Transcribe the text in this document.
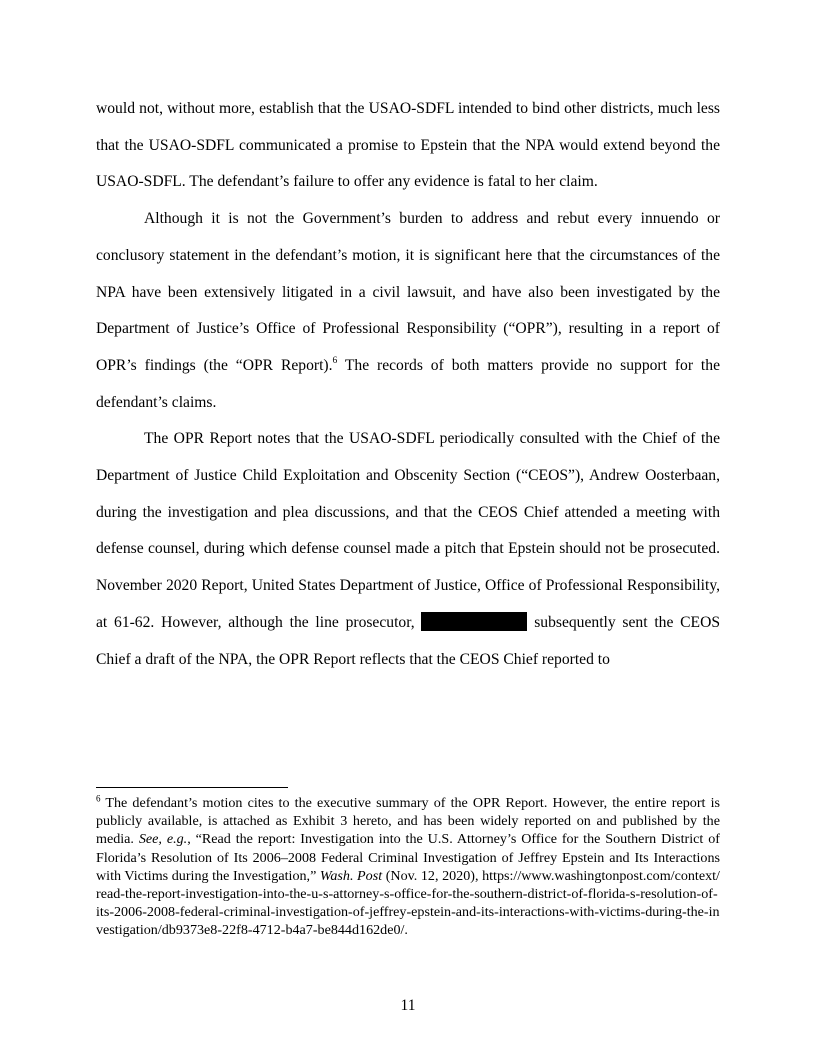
would not, without more, establish that the USAO-SDFL intended to bind other districts, much less that the USAO-SDFL communicated a promise to Epstein that the NPA would extend beyond the USAO-SDFL. The defendant’s failure to offer any evidence is fatal to her claim.

Although it is not the Government’s burden to address and rebut every innuendo or conclusory statement in the defendant’s motion, it is significant here that the circumstances of the NPA have been extensively litigated in a civil lawsuit, and have also been investigated by the Department of Justice’s Office of Professional Responsibility (“OPR”), resulting in a report of OPR’s findings (the “OPR Report).$^6$ The records of both matters provide no support for the defendant’s claims.

The OPR Report notes that the USAO-SDFL periodically consulted with the Chief of the Department of Justice Child Exploitation and Obscenity Section (“CEOS”), Andrew Oosterbaan, during the investigation and plea discussions, and that the CEOS Chief attended a meeting with defense counsel, during which defense counsel made a pitch that Epstein should not be prosecuted. November 2020 Report, United States Department of Justice, Office of Professional Responsibility, at 61-62. However, although the line prosecutor,	subsequently sent the CEOS Chief a draft of the NPA, the OPR Report reflects that the CEOS Chief reported to

$^6$ The defendant’s motion cites to the executive summary of the OPR Report. However, the entire report is publicly available, is attached as Exhibit 3 hereto, and has been widely reported on and published by the media. See, e.g., “Read the report: Investigation into the U.S. Attorney’s Office for the Southern District of Florida’s Resolution of Its 2006–2008 Federal Criminal Investigation of Jeffrey Epstein and Its Interactions with Victims during the Investigation,” Wash. Post (Nov. 12, 2020), https://www.washingtonpost.com/context/read-the-report-investigation-into-the-u-s-attorney-s-office-for-the-southern-district-of-florida-s-resolution-of-its-2006-2008-federal-criminal-investigation-of-jeffrey-epstein-and-its-interactions-with-victims-during-the-investigation/db9373e8-22f8-4712-b4a7-be844d162de0/.

11
